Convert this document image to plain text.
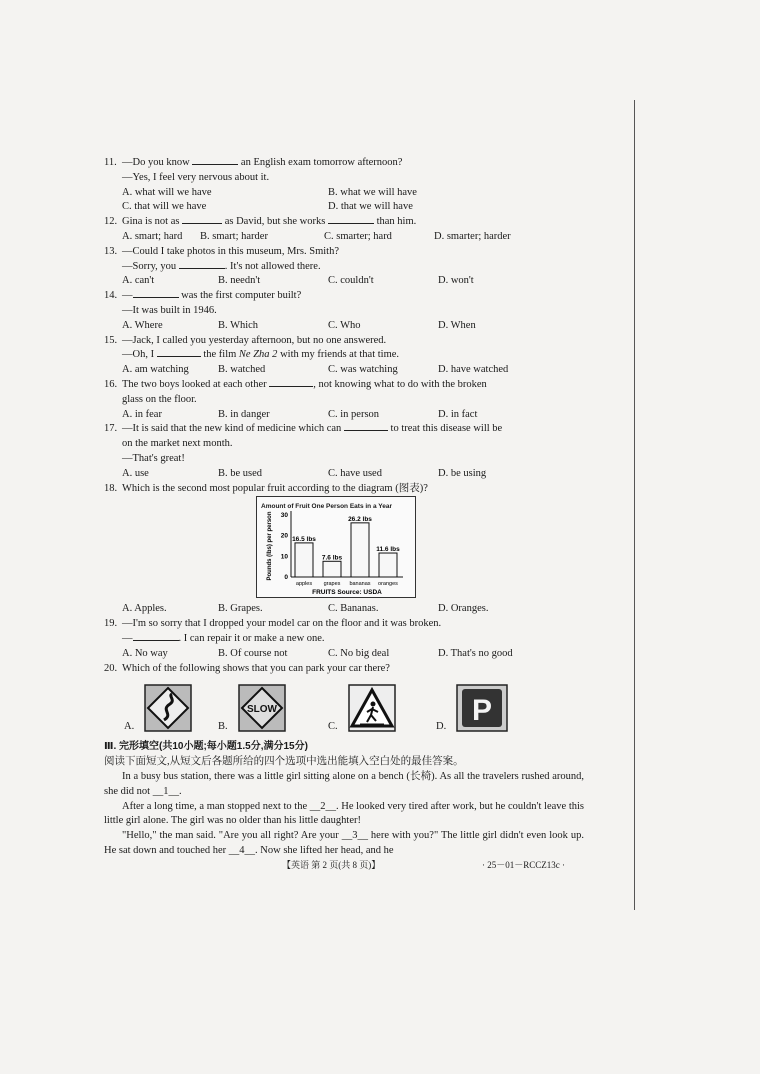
11. —Do you know	an English exam tomorrow afternoon?
—Yes, I feel very nervous about it.
A. what will we have	B. what we will have
C. that will we have	D. that we will have
12. Gina is not as	as David, but she works	than him.
A. smart; hard B. smart; harder	C. smarter; hard	D. smarter; harder
13. —Could I take photos in this museum, Mrs. Smith?
—Sorry, you	. It's not allowed there.
A. can't	B. needn't	C. couldn't	D. won't
14. —	was the first computer built?
—It was built in 1946.
A. Where	B. Which	C. Who	D. When
15. —Jack, I called you yesterday afternoon, but no one answered.
—Oh, I	the film Ne Zha 2 with my friends at that time.
A. am watching	B. watched	C. was watching	D. have watched
16. The two boys looked at each other	, not knowing what to do with the broken
glass on the floor.
A. in fear	B. in danger	C. in person	D. in fact
17. —It is said that the new kind of medicine which can	to treat this disease will be
on the market next month.
—That's great!
A. use	B. be used	C. have used	D. be using
18. Which is the second most popular fruit according to the diagram (图表)?
Amount of Fruit One Person Eats in a Year
0
10
20
30
Pounds (lbs) per person	16.5 lbs
apples
7.6 lbs
grapes
26.2 lbs
bananas
11.6 lbs
oranges
FRUITS Source: USDA
A. Apples.	B. Grapes.	C. Bananas.	D. Oranges.
19. —I'm so sorry that I dropped your model car on the floor and it was broken.
—	. I can repair it or make a new one.
A. No way	B. Of course not	C. No big deal	D. That's no good
20. Which of the following shows that you can park your car there?
A.	B.
SLOW
C.	D. P
Ⅲ. 完形填空(共10小题;每小题1.5分,满分15分)
阅读下面短文,从短文后各题所给的四个选项中选出能填入空白处的最佳答案。
In a busy bus station, there was a little girl sitting alone on a bench (长椅). As all the travelers rushed around, she did not __1__.
After a long time, a man stopped next to the __2__. He looked very tired after work, but he couldn't leave this little girl alone. The girl was no older than his little daughter!
"Hello," the man said. "Are you all right? Are your __3__ here with you?" The little girl didn't even look up. He sat down and touched her __4__. Now she lifted her head, and he
【英语 第 2 页(共 8 页)】	· 25－01－RCCZ13c ·
